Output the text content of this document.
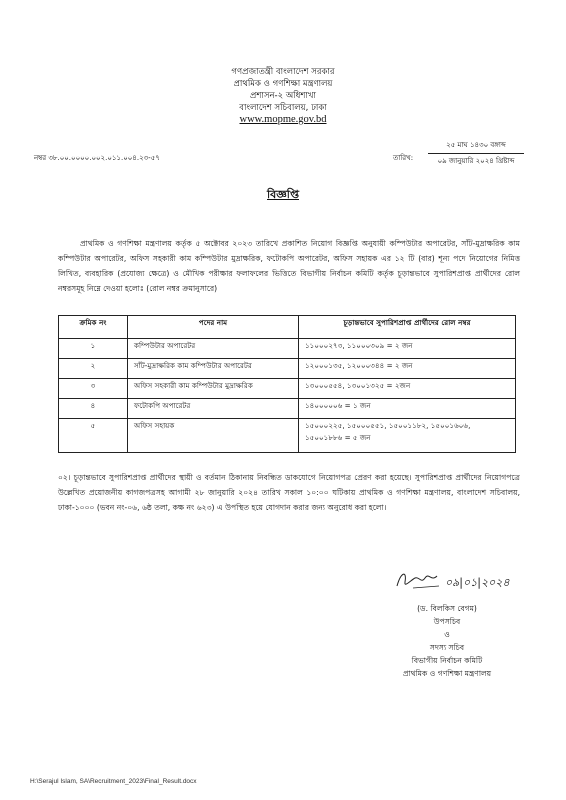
গণপ্রজাতন্ত্রী বাংলাদেশ সরকার
প্রাথমিক ও গণশিক্ষা মন্ত্রণালয়
প্রশাসন-২ অধিশাখা
বাংলাদেশ সচিবালয়, ঢাকা
www.mopme.gov.bd
নম্বর ৩৮.০০.০০০০.০০২.০১১.০০৪.২৩-৫৭	তারিখ:
২৫ মাঘ ১৪৩০ বঙ্গাব্দ
০৯ জানুয়ারি ২০২৪ খ্রিষ্টাব্দ
বিজ্ঞপ্তি
প্রাথমিক ও গণশিক্ষা মন্ত্রণালয় কর্তৃক ৫ অক্টোবর ২০২৩ তারিখে প্রকাশিত নিয়োগ বিজ্ঞপ্তি অনুযায়ী কম্পিউটার অপারেটর, সাঁট-মুদ্রাক্ষরিক কাম কম্পিউটার অপারেটর, অফিস সহকারী কাম কম্পিউটার মুদ্রাক্ষরিক, ফটোকপি অপারেটর, অফিস সহায়ক এর ১২ টি (বার) শূন্য পদে নিয়োগের নিমিত্ত লিখিত, ব্যবহারিক (প্রযোজ্য ক্ষেত্রে) ও মৌখিক পরীক্ষার ফলাফলের ভিত্তিতে বিভাগীয় নির্বাচন কমিটি কর্তৃক চূড়ান্তভাবে সুপারিশপ্রাপ্ত প্রার্থীদের রোল নম্বরসমূহ নিম্নে দেওয়া হলোঃ (রোল নম্বর ক্রমানুসারে)
ক্রমিক নং	পদের নাম	চূড়ান্তভাবে সুপারিশপ্রাপ্ত প্রার্থীদের রোল নম্বর
১	কম্পিউটার অপারেটর	১১০০০২৭৩, ১১০০০৩০৯ = ২ জন
২	সাঁট-মুদ্রাক্ষরিক কাম কম্পিউটার অপারেটর	১২০০০১৩৫, ১২০০০৩৪৪ = ২ জন
৩	অফিস সহকারী কাম কম্পিউটার মুদ্রাক্ষরিক	১৩০০০৫৫৪, ১৩০০১৩২৫ = ২জন
৪	ফটোকপি অপারেটর	১৪০০০০০৬ = ১ জন
৫	অফিস সহায়ক	১৫০০০২২৫, ১৫০০০৫৫১, ১৫০০১১৮২, ১৫০০১৬০৬, ১৫০০১৮৮৬ = ৫ জন
০২। চূড়ান্তভাবে সুপারিশপ্রাপ্ত প্রার্থীদের স্থায়ী ও বর্তমান ঠিকানায় নিবন্ধিত ডাকযোগে নিয়োগপত্র প্রেরণ করা হয়েছে। সুপারিশপ্রাপ্ত প্রার্থীদের নিয়োগপত্রে উল্লেখিত প্রয়োজনীয় কাগজপত্রসহ আগামী ২৮ জানুয়ারি ২০২৪ তারিখ সকাল ১০:০০ ঘটিকায় প্রাথমিক ও গণশিক্ষা মন্ত্রণালয়, বাংলাদেশ সচিবালয়, ঢাকা-১০০০ (ভবন নং-০৬, ৬ষ্ঠ তলা, কক্ষ নং ৬২৩) এ উপস্থিত হয়ে যোগদান করার জন্য অনুরোধ করা হলো।
০৯|০১|২০২৪
(ড. বিলকিস বেগম)
উপসচিব
ও
সদস্য সচিব
বিভাগীয় নির্বাচন কমিটি
প্রাথমিক ও গণশিক্ষা মন্ত্রণালয়
H:\Serajul Islam, SA\Recruitment_2023\Final_Result.docx
